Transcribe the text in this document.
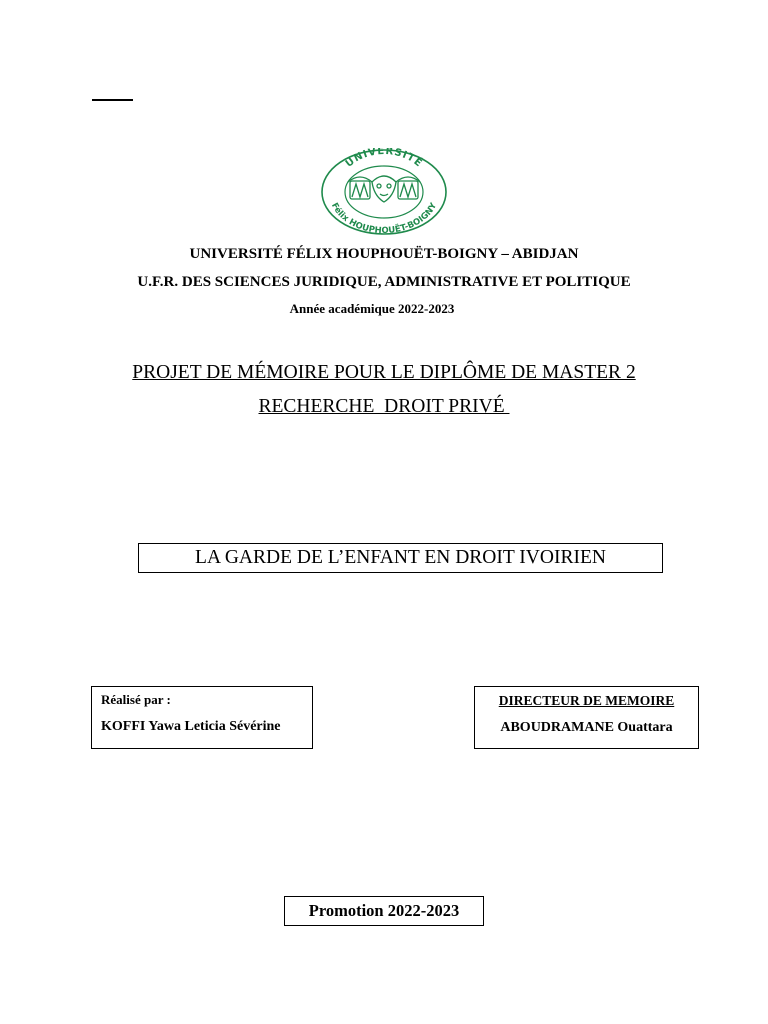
UNIVERSITÉ
Félix HOUPHOUËT-BOIGNY
UNIVERSITÉ FÉLIX HOUPHOUËT-BOIGNY – ABIDJAN
U.F.R. DES SCIENCES JURIDIQUE, ADMINISTRATIVE ET POLITIQUE
Année académique 2022-2023
PROJET DE MÉMOIRE POUR LE DIPLÔME DE MASTER 2
RECHERCHE  DROIT PRIVÉ
LA GARDE DE L’ENFANT EN DROIT IVOIRIEN
Réalisé par :
KOFFI Yawa Leticia Sévérine
DIRECTEUR DE MEMOIRE
ABOUDRAMANE Ouattara
Promotion 2022-2023
